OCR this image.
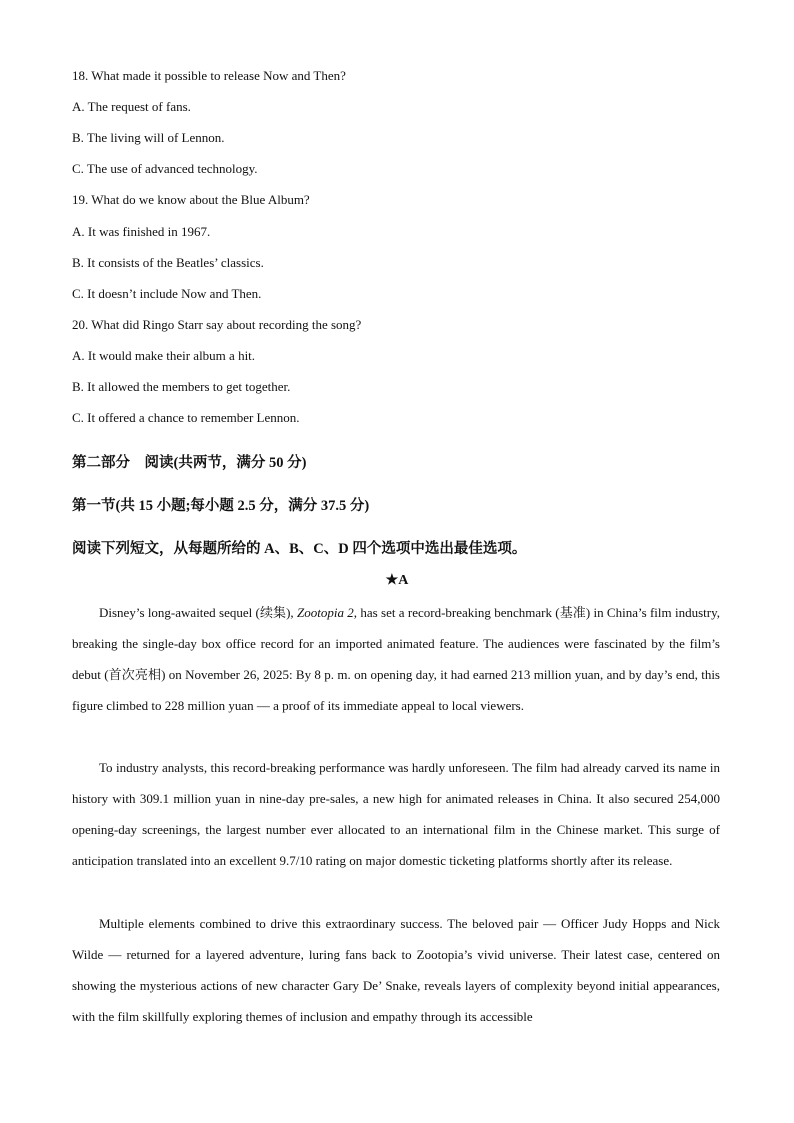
18. What made it possible to release Now and Then?
A. The request of fans.
B. The living will of Lennon.
C. The use of advanced technology.
19. What do we know about the Blue Album?
A. It was finished in 1967.
B. It consists of the Beatles’ classics.
C. It doesn’t include Now and Then.
20. What did Ringo Starr say about recording the song?
A. It would make their album a hit.
B. It allowed the members to get together.
C. It offered a chance to remember Lennon.
第二部分　阅读(共两节，满分 50 分)
第一节(共 15 小题;每小题 2.5 分，满分 37.5 分)
阅读下列短文，从每题所给的 A、B、C、D 四个选项中选出最佳选项。
★A

Disney’s long-awaited sequel (续集), Zootopia 2, has set a record-breaking benchmark (基准) in China’s film industry, breaking the single-day box office record for an imported animated feature. The audiences were fascinated by the film’s debut (首次亮相) on November 26, 2025: By 8 p. m. on opening day, it had earned 213 million yuan, and by day’s end, this figure climbed to 228 million yuan — a proof of its immediate appeal to local viewers.

To industry analysts, this record-breaking performance was hardly unforeseen. The film had already carved its name in history with 309.1 million yuan in nine-day pre-sales, a new high for animated releases in China. It also secured 254,000 opening-day screenings, the largest number ever allocated to an international film in the Chinese market. This surge of anticipation translated into an excellent 9.7/10 rating on major domestic ticketing platforms shortly after its release.

Multiple elements combined to drive this extraordinary success. The beloved pair — Officer Judy Hopps and Nick Wilde — returned for a layered adventure, luring fans back to Zootopia’s vivid universe. Their latest case, centered on showing the mysterious actions of new character Gary De’ Snake, reveals layers of complexity beyond initial appearances, with the film skillfully exploring themes of inclusion and empathy through its accessible
